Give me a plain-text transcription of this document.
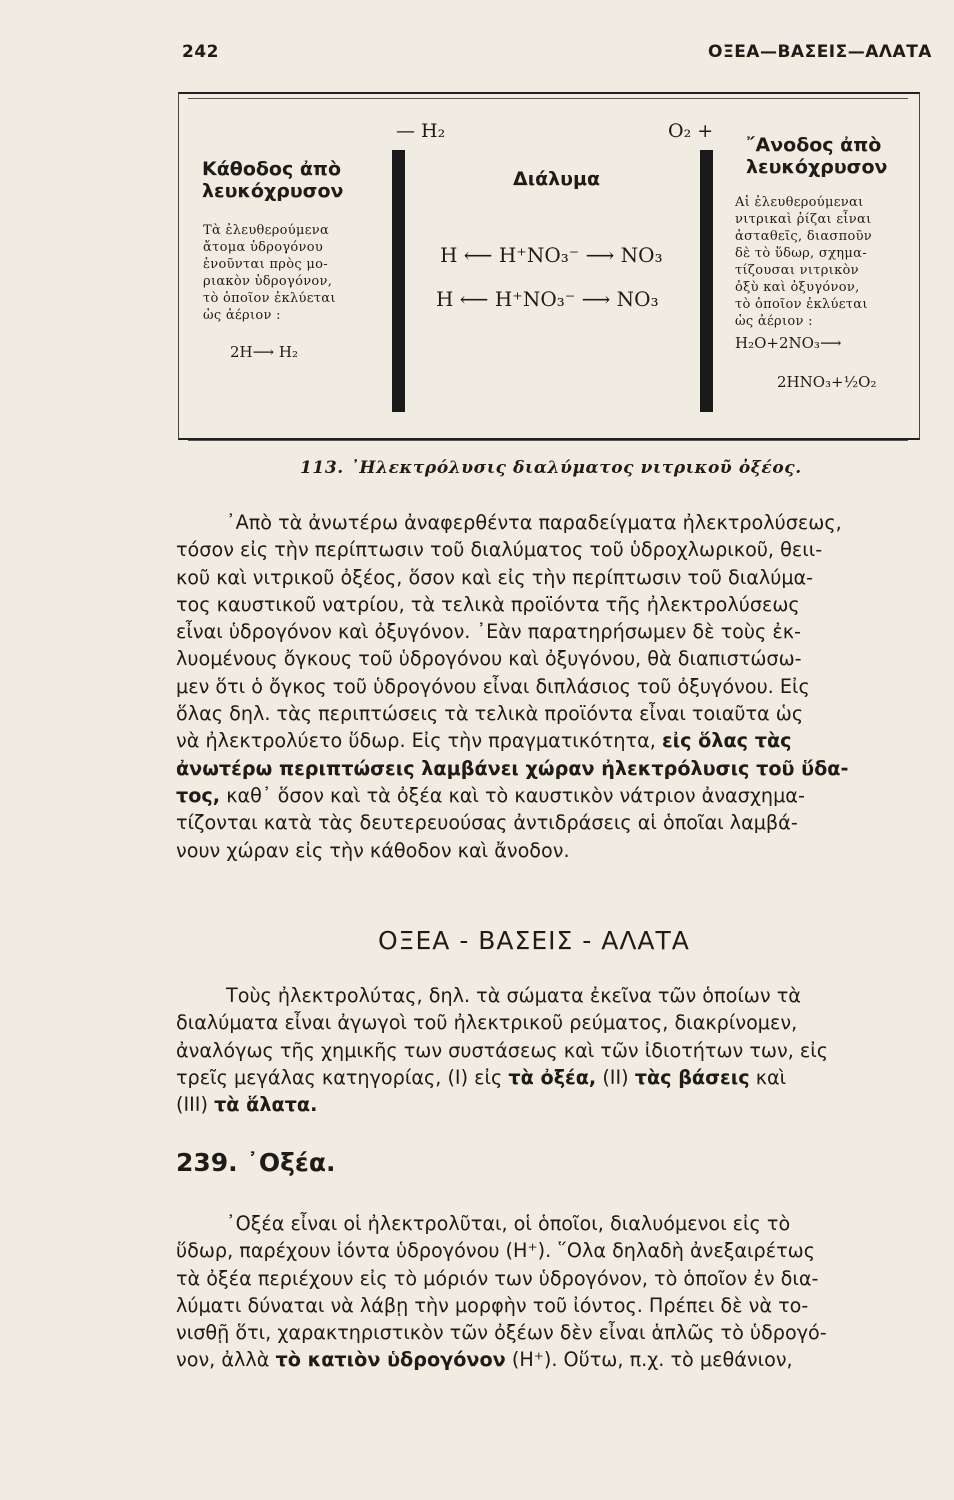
242	ΟΞΕΑ—ΒΑΣΕΙΣ—ΑΛΑΤΑ
Κάθοδος ἀπὸ
λευκόχρυσον
Τὰ ἐλευθερούμενα
ἄτομα ὑδρογόνου
ἑνοῦνται πρὸς μο-
ριακὸν ὑδρογόνον,
τὸ ὁποῖον ἐκλύεται
ὡς ἀέριον :
2H⟶ H₂
— H₂	O₂ +
Διάλυμα
H ⟵ H⁺NO₃⁻ ⟶ NO₃
H ⟵ H⁺NO₃⁻ ⟶ NO₃
῎Ανοδος ἀπὸ
λευκόχρυσον
Αἱ ἐλευθερούμεναι
νιτρικαὶ ῥίζαι εἶναι
ἀσταθεῖς, διασποῦν
δὲ τὸ ὕδωρ, σχημα-
τίζουσαι νιτρικὸν
ὀξὺ καὶ ὀξυγόνον,
τὸ ὁποῖον ἐκλύεται
ὡς ἀέριον :
H₂O+2NO₃⟶
2HNO₃+½O₂
113. ᾿Ηλεκτρόλυσις διαλύματος νιτρικοῦ ὀξέος.
᾿Απὸ τὰ ἀνωτέρω ἀναφερθέντα παραδείγματα ἠλεκτρολύσεως,
τόσον εἰς τὴν περίπτωσιν τοῦ διαλύματος τοῦ ὑδροχλωρικοῦ, θειι-
κοῦ καὶ νιτρικοῦ ὀξέος, ὅσον καὶ εἰς τὴν περίπτωσιν τοῦ διαλύμα-
τος καυστικοῦ νατρίου, τὰ τελικὰ προϊόντα τῆς ἠλεκτρολύσεως
εἶναι ὑδρογόνον καὶ ὀξυγόνον. ᾿Εὰν παρατηρήσωμεν δὲ τοὺς ἐκ-
λυομένους ὄγκους τοῦ ὑδρογόνου καὶ ὀξυγόνου, θὰ διαπιστώσω-
μεν ὅτι ὁ ὄγκος τοῦ ὑδρογόνου εἶναι διπλάσιος τοῦ ὀξυγόνου. Εἰς
ὅλας δηλ. τὰς περιπτώσεις τὰ τελικὰ προϊόντα εἶναι τοιαῦτα ὡς
νὰ ἠλεκτρολύετο ὕδωρ. Εἰς τὴν πραγματικότητα, εἰς ὅλας τὰς
ἀνωτέρω περιπτώσεις λαμβάνει χώραν ἠλεκτρόλυσις τοῦ ὕδα-
τος, καθ᾿ ὅσον καὶ τὰ ὀξέα καὶ τὸ καυστικὸν νάτριον ἀνασχημα-
τίζονται κατὰ τὰς δευτερευούσας ἀντιδράσεις αἱ ὁποῖαι λαμβά-
νουν χώραν εἰς τὴν κάθοδον καὶ ἄνοδον.
ΟΞΕΑ - ΒΑΣΕΙΣ - ΑΛΑΤΑ
Τοὺς ἠλεκτρολύτας, δηλ. τὰ σώματα ἐκεῖνα τῶν ὁποίων τὰ
διαλύματα εἶναι ἀγωγοὶ τοῦ ἠλεκτρικοῦ ρεύματος, διακρίνομεν,
ἀναλόγως τῆς χημικῆς των συστάσεως καὶ τῶν ἰδιοτήτων των, εἰς
τρεῖς μεγάλας κατηγορίας, (Ι) εἰς τὰ ὀξέα, (ΙΙ) τὰς βάσεις καὶ
(ΙΙΙ) τὰ ἅλατα.
239. ᾿Οξέα.
᾿Οξέα εἶναι οἱ ἠλεκτρολῦται, οἱ ὁποῖοι, διαλυόμενοι εἰς τὸ
ὕδωρ, παρέχουν ἰόντα ὑδρογόνου (H⁺). ῞Ολα δηλαδὴ ἀνεξαιρέτως
τὰ ὀξέα περιέχουν εἰς τὸ μόριόν των ὑδρογόνον, τὸ ὁποῖον ἐν δια-
λύματι δύναται νὰ λάβῃ τὴν μορφὴν τοῦ ἰόντος. Πρέπει δὲ νὰ το-
νισθῇ ὅτι, χαρακτηριστικὸν τῶν ὀξέων δὲν εἶναι ἁπλῶς τὸ ὑδρογό-
νον, ἀλλὰ τὸ κατιὸν ὑδρογόνον (H⁺). Οὕτω, π.χ. τὸ μεθάνιον,
